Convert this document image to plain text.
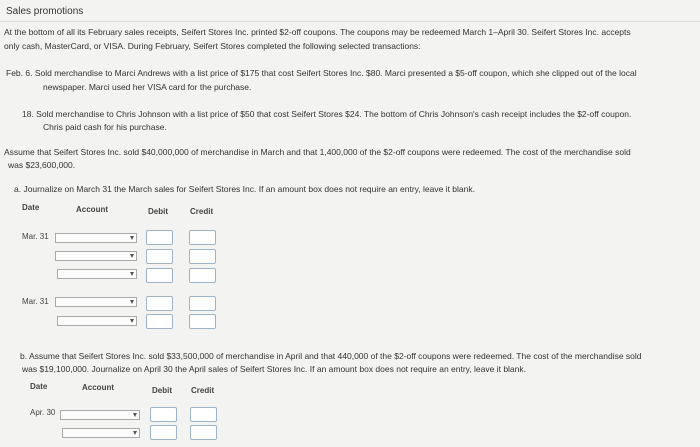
Sales promotions
At the bottom of all its February sales receipts, Seifert Stores Inc. printed $2-off coupons. The coupons may be redeemed March 1–April 30. Seifert Stores Inc. accepts
only cash, MasterCard, or VISA. During February, Seifert Stores completed the following selected transactions:
Feb. 6. Sold merchandise to Marci Andrews with a list price of $175 that cost Seifert Stores Inc. $80. Marci presented a $5-off coupon, which she clipped out of the local
newspaper. Marci used her VISA card for the purchase.
18. Sold merchandise to Chris Johnson with a list price of $50 that cost Seifert Stores $24. The bottom of Chris Johnson's cash receipt includes the $2-off coupon.
Chris paid cash for his purchase.
Assume that Seifert Stores Inc. sold $40,000,000 of merchandise in March and that 1,400,000 of the $2-off coupons were redeemed. The cost of the merchandise sold
was $23,600,000.
a. Journalize on March 31 the March sales for Seifert Stores Inc. If an amount box does not require an entry, leave it blank.
Date	Account	Debit	Credit
Mar. 31
Mar. 31
b. Assume that Seifert Stores Inc. sold $33,500,000 of merchandise in April and that 440,000 of the $2-off coupons were redeemed. The cost of the merchandise sold
was $19,100,000. Journalize on April 30 the April sales of Seifert Stores Inc. If an amount box does not require an entry, leave it blank.
Date	Account	Debit Credit
Apr. 30
